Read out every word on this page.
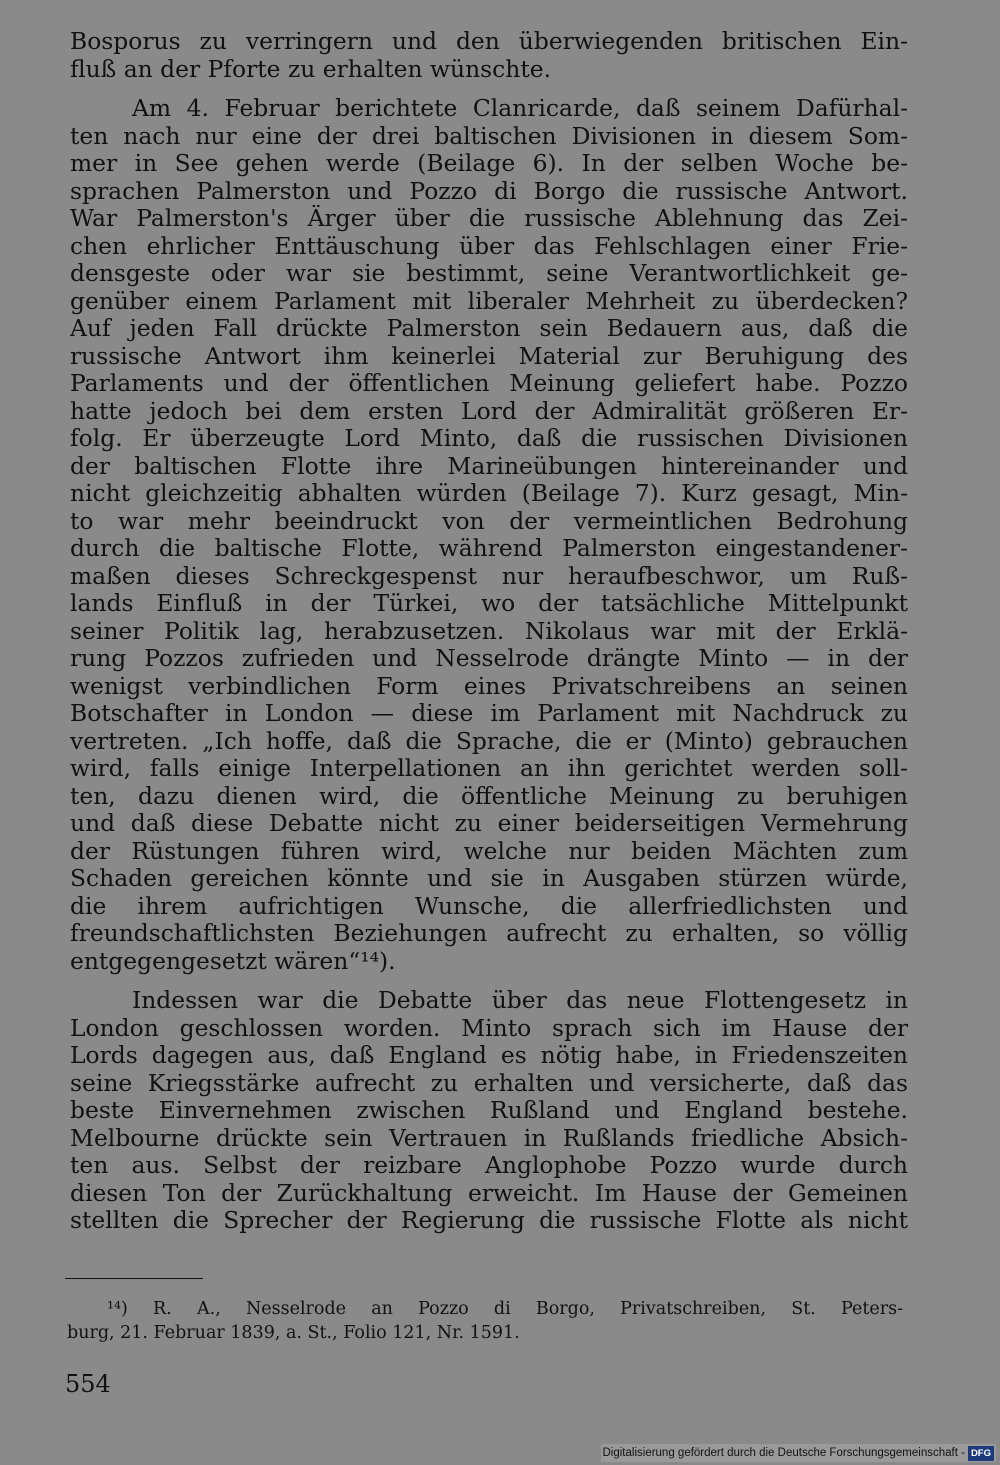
Bosporus zu verringern und den überwiegenden britischen Ein-
fluß an der Pforte zu erhalten wünschte.
Am 4. Februar berichtete Clanricarde, daß seinem Dafürhal-
ten nach nur eine der drei baltischen Divisionen in diesem Som-
mer in See gehen werde (Beilage 6). In der selben Woche be-
sprachen Palmerston und Pozzo di Borgo die russische Antwort.
War Palmerston's Ärger über die russische Ablehnung das Zei-
chen ehrlicher Enttäuschung über das Fehlschlagen einer Frie-
densgeste oder war sie bestimmt, seine Verantwortlichkeit ge-
genüber einem Parlament mit liberaler Mehrheit zu überdecken?
Auf jeden Fall drückte Palmerston sein Bedauern aus, daß die
russische Antwort ihm keinerlei Material zur Beruhigung des
Parlaments und der öffentlichen Meinung geliefert habe. Pozzo
hatte jedoch bei dem ersten Lord der Admiralität größeren Er-
folg. Er überzeugte Lord Minto, daß die russischen Divisionen
der baltischen Flotte ihre Marineübungen hintereinander und
nicht gleichzeitig abhalten würden (Beilage 7). Kurz gesagt, Min-
to war mehr beeindruckt von der vermeintlichen Bedrohung
durch die baltische Flotte, während Palmerston eingestandener-
maßen dieses Schreckgespenst nur heraufbeschwor, um Ruß-
lands Einfluß in der Türkei, wo der tatsächliche Mittelpunkt
seiner Politik lag, herabzusetzen. Nikolaus war mit der Erklä-
rung Pozzos zufrieden und Nesselrode drängte Minto — in der
wenigst verbindlichen Form eines Privatschreibens an seinen
Botschafter in London — diese im Parlament mit Nachdruck zu
vertreten. „Ich hoffe, daß die Sprache, die er (Minto) gebrauchen
wird, falls einige Interpellationen an ihn gerichtet werden soll-
ten, dazu dienen wird, die öffentliche Meinung zu beruhigen
und daß diese Debatte nicht zu einer beiderseitigen Vermehrung
der Rüstungen führen wird, welche nur beiden Mächten zum
Schaden gereichen könnte und sie in Ausgaben stürzen würde,
die ihrem aufrichtigen Wunsche, die allerfriedlichsten und
freundschaftlichsten Beziehungen aufrecht zu erhalten, so völlig
entgegengesetzt wären“¹⁴).
Indessen war die Debatte über das neue Flottengesetz in
London geschlossen worden. Minto sprach sich im Hause der
Lords dagegen aus, daß England es nötig habe, in Friedenszeiten
seine Kriegsstärke aufrecht zu erhalten und versicherte, daß das
beste Einvernehmen zwischen Rußland und England bestehe.
Melbourne drückte sein Vertrauen in Rußlands friedliche Absich-
ten aus. Selbst der reizbare Anglophobe Pozzo wurde durch
diesen Ton der Zurückhaltung erweicht. Im Hause der Gemeinen
stellten die Sprecher der Regierung die russische Flotte als nicht
¹⁴) R. A., Nesselrode an Pozzo di Borgo, Privatschreiben, St. Peters-
burg, 21. Februar 1839, a. St., Folio 121, Nr. 1591.
554
Digitalisierung gefördert durch die Deutsche Forschungsgemeinschaft - DFG
